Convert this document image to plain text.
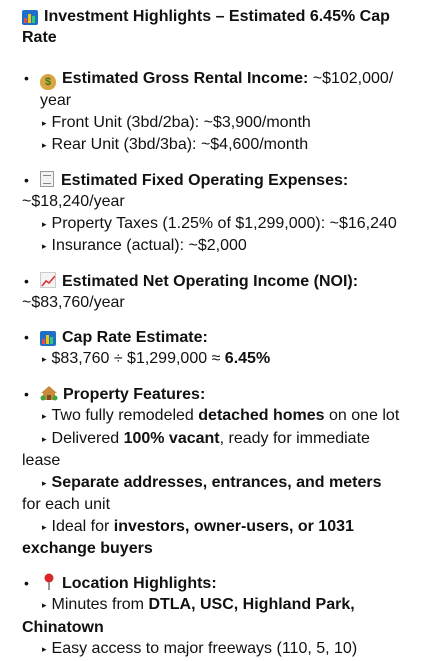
Investment Highlights – Estimated 6.45% Cap Rate
•	$ Estimated Gross Rental Income: ~$102,000/
year
▸ Front Unit (3bd/2ba): ~$3,900/month
▸ Rear Unit (3bd/3ba): ~$4,600/month
•	Estimated Fixed Operating Expenses:
~$18,240/year
▸ Property Taxes (1.25% of $1,299,000): ~$16,240
▸ Insurance (actual): ~$2,000
•	Estimated Net Operating Income (NOI):
~$83,760/year
•	Cap Rate Estimate:
▸ $83,760 ÷ $1,299,000 ≈ 6.45%
•	Property Features:
▸ Two fully remodeled detached homes on one lot
▸ Delivered 100% vacant, ready for immediate
lease
▸ Separate addresses, entrances, and meters
for each unit
▸ Ideal for investors, owner-users, or 1031
exchange buyers
•	Location Highlights:
▸ Minutes from DTLA, USC, Highland Park,
Chinatown
▸ Easy access to major freeways (110, 5, 10)
